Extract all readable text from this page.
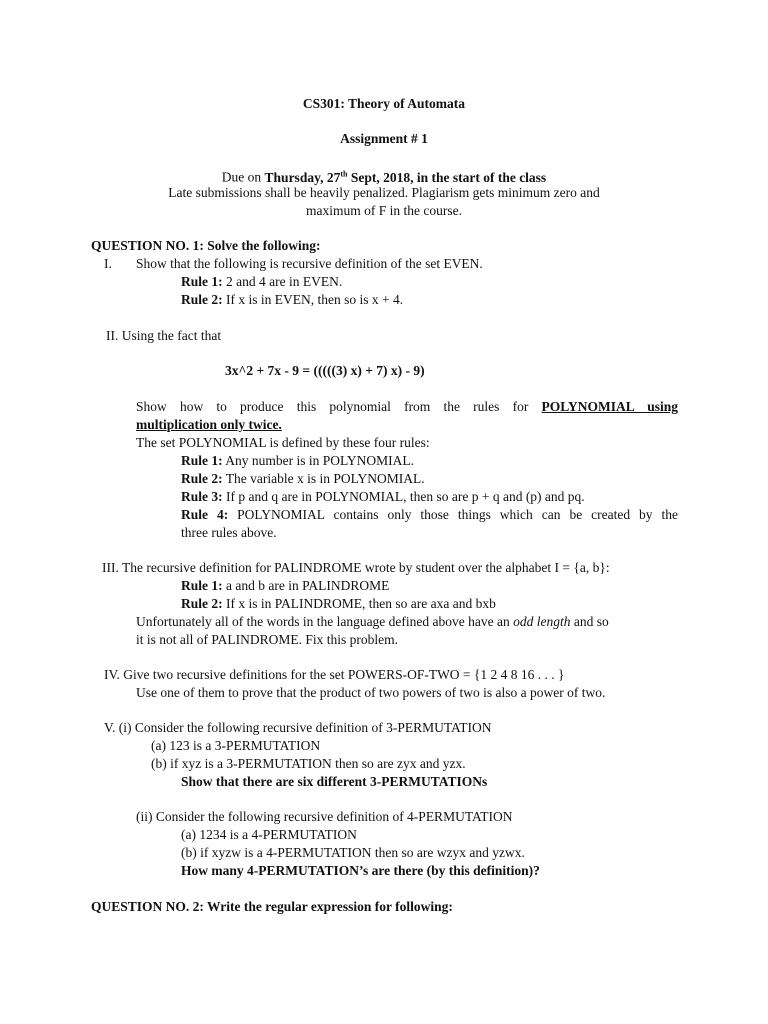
CS301: Theory of Automata
Assignment # 1
Due on Thursday, 27th Sept, 2018, in the start of the class
Late submissions shall be heavily penalized. Plagiarism gets minimum zero and
maximum of F in the course.
QUESTION NO. 1: Solve the following:
I. Show that the following is recursive definition of the set EVEN.
Rule 1: 2 and 4 are in EVEN.
Rule 2: If x is in EVEN, then so is x + 4.
II. Using the fact that
3x^2 + 7x - 9 = (((((3) x) + 7) x) - 9)
Show how to produce this polynomial from the rules for POLYNOMIAL using
multiplication only twice.
The set POLYNOMIAL is defined by these four rules:
Rule 1: Any number is in POLYNOMIAL.
Rule 2: The variable x is in POLYNOMIAL.
Rule 3: If p and q are in POLYNOMIAL, then so are p + q and (p) and pq.
Rule 4: POLYNOMIAL contains only those things which can be created by the
three rules above.
III. The recursive definition for PALINDROME wrote by student over the alphabet I = {a, b}:
Rule 1: a and b are in PALINDROME
Rule 2: If x is in PALINDROME, then so are axa and bxb
Unfortunately all of the words in the language defined above have an odd length and so
it is not all of PALINDROME. Fix this problem.
IV. Give two recursive definitions for the set POWERS-OF-TWO = {1 2 4 8 16 . . . }
Use one of them to prove that the product of two powers of two is also a power of two.
V. (i) Consider the following recursive definition of 3-PERMUTATION
(a) 123 is a 3-PERMUTATION
(b) if xyz is a 3-PERMUTATION then so are zyx and yzx.
Show that there are six different 3-PERMUTATIONs
(ii) Consider the following recursive definition of 4-PERMUTATION
(a) 1234 is a 4-PERMUTATION
(b) if xyzw is a 4-PERMUTATION then so are wzyx and yzwx.
How many 4-PERMUTATION’s are there (by this definition)?
QUESTION NO. 2: Write the regular expression for following:
